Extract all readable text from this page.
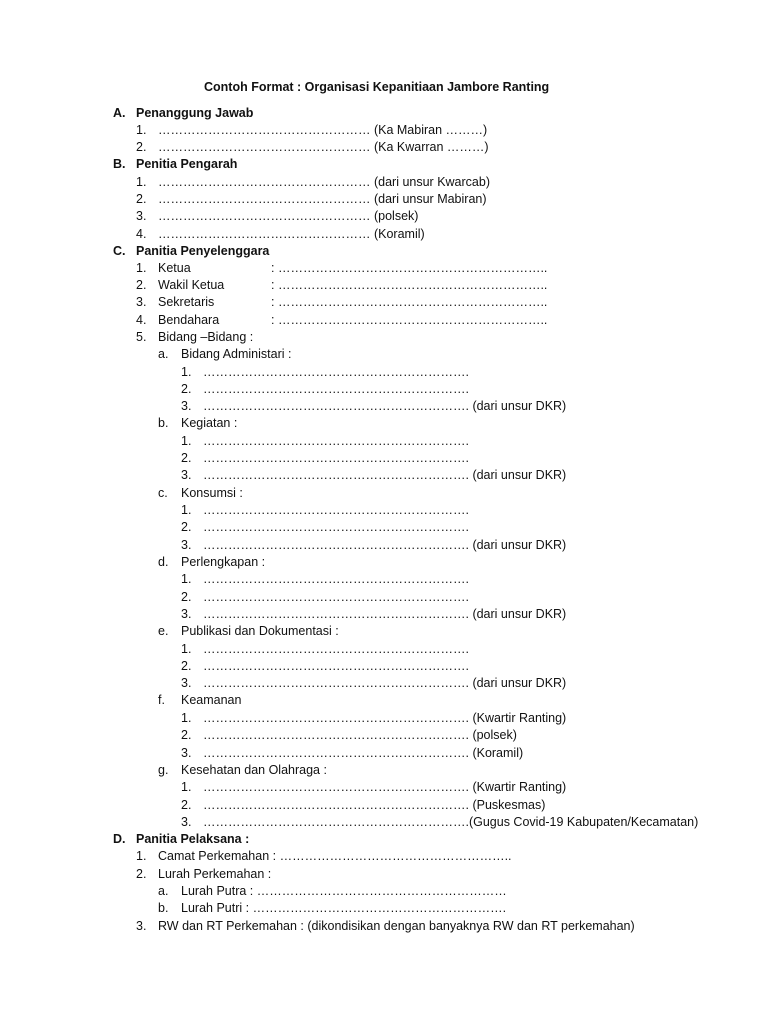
Contoh Format : Organisasi Kepanitiaan Jambore Ranting
A. Penanggung Jawab
1. …………………………………………… (Ka Mabiran ………)
2. …………………………………………… (Ka Kwarran ………)
B. Penitia Pengarah
1. …………………………………………… (dari unsur Kwarcab)
2. …………………………………………… (dari unsur Mabiran)
3. …………………………………………… (polsek)
4. …………………………………………… (Koramil)
C. Panitia Penyelenggara
1. Ketua	: ………………………………………………………..
2. Wakil Ketua	: ………………………………………………………..
3. Sekretaris	: ………………………………………………………..
4. Bendahara	: ………………………………………………………..
5. Bidang –Bidang :
a. Bidang Administari :
1. ……………………………………………………….
2. ……………………………………………………….
3. ………………………………………………………. (dari unsur DKR)
b. Kegiatan :
1. ……………………………………………………….
2. ……………………………………………………….
3. ………………………………………………………. (dari unsur DKR)
c. Konsumsi :
1. ……………………………………………………….
2. ……………………………………………………….
3. ………………………………………………………. (dari unsur DKR)
d. Perlengkapan :
1. ……………………………………………………….
2. ……………………………………………………….
3. ………………………………………………………. (dari unsur DKR)
e. Publikasi dan Dokumentasi :
1. ……………………………………………………….
2. ……………………………………………………….
3. ………………………………………………………. (dari unsur DKR)
f. Keamanan
1. ………………………………………………………. (Kwartir Ranting)
2. ………………………………………………………. (polsek)
3. ………………………………………………………. (Koramil)
g. Kesehatan dan Olahraga :
1. ………………………………………………………. (Kwartir Ranting)
2. ………………………………………………………. (Puskesmas)
3. ……………………………………………………….(Gugus Covid-19 Kabupaten/Kecamatan)
D. Panitia Pelaksana :
1. Camat Perkemahan : ………………………………………………..
2. Lurah Perkemahan :
a. Lurah Putra : ……………………………………………………
b. Lurah Putri : …………………………………………………….
3. RW dan RT Perkemahan : (dikondisikan dengan banyaknya RW dan RT perkemahan)
